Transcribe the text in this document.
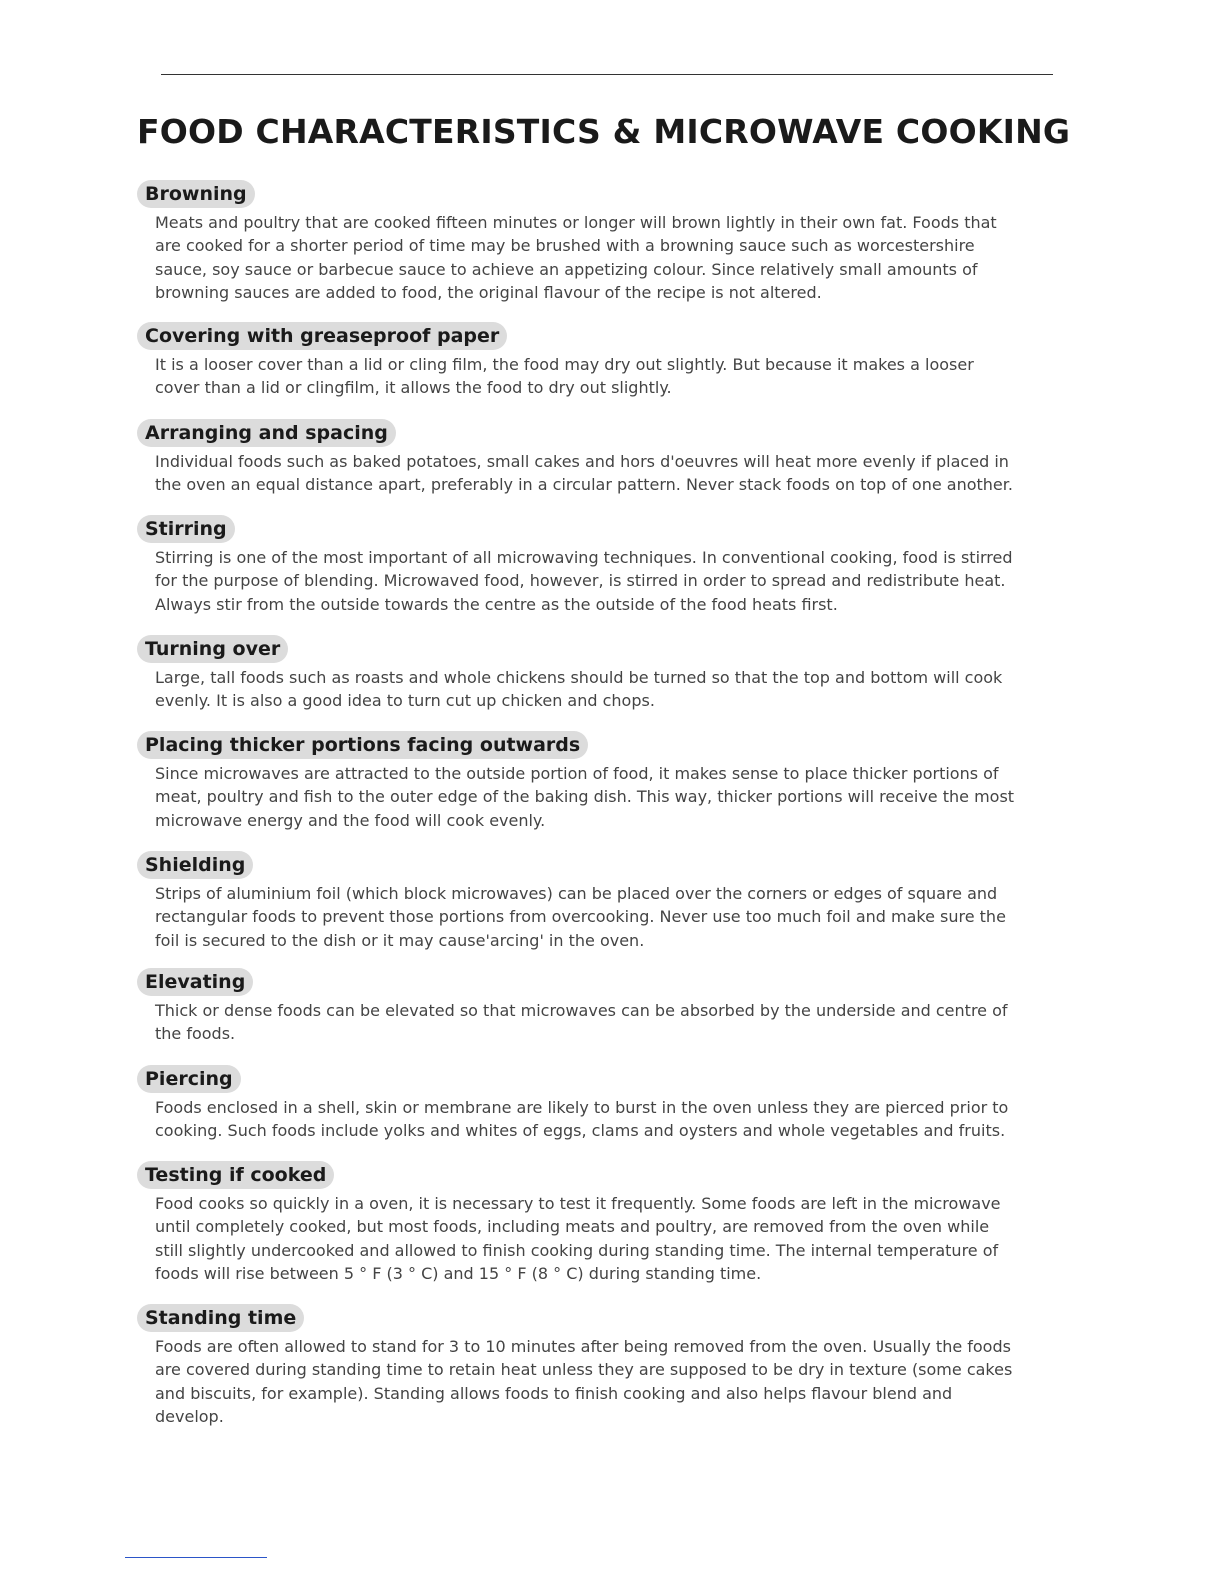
FOOD CHARACTERISTICS & MICROWAVE COOKING
Browning

Meats and poultry that are cooked fifteen minutes or longer will brown lightly in their own fat. Foods that are cooked for a shorter period of time may be brushed with a browning sauce such as worcestershire sauce, soy sauce or barbecue sauce to achieve an appetizing colour. Since relatively small amounts of browning sauces are added to food, the original flavour of the recipe is not altered.

Covering with greaseproof paper

It is a looser cover than a lid or cling film, the food may dry out slightly. But because it makes a looser cover than a lid or clingfilm, it allows the food to dry out slightly.

Arranging and spacing

Individual foods such as baked potatoes, small cakes and hors d'oeuvres will heat more evenly if placed in the oven an equal distance apart, preferably in a circular pattern. Never stack foods on top of one another.

Stirring

Stirring is one of the most important of all microwaving techniques. In conventional cooking, food is stirred for the purpose of blending. Microwaved food, however, is stirred in order to spread and redistribute heat. Always stir from the outside towards the centre as the outside of the food heats first.

Turning over

Large, tall foods such as roasts and whole chickens should be turned so that the top and bottom will cook evenly. It is also a good idea to turn cut up chicken and chops.

Placing thicker portions facing outwards

Since microwaves are attracted to the outside portion of food, it makes sense to place thicker portions of meat, poultry and fish to the outer edge of the baking dish. This way, thicker portions will receive the most microwave energy and the food will cook evenly.

Shielding

Strips of aluminium foil (which block microwaves) can be placed over the corners or edges of square and rectangular foods to prevent those portions from overcooking. Never use too much foil and make sure the foil is secured to the dish or it may cause'arcing' in the oven.

Elevating

Thick or dense foods can be elevated so that microwaves can be absorbed by the underside and centre of the foods.

Piercing

Foods enclosed in a shell, skin or membrane are likely to burst in the oven unless they are pierced prior to cooking. Such foods include yolks and whites of eggs, clams and oysters and whole vegetables and fruits.

Testing if cooked

Food cooks so quickly in a oven, it is necessary to test it frequently. Some foods are left in the microwave until completely cooked, but most foods, including meats and poultry, are removed from the oven while still slightly undercooked and allowed to finish cooking during standing time. The internal temperature of foods will rise between 5 ° F (3 ° C) and 15 ° F (8 ° C) during standing time.

Standing time

Foods are often allowed to stand for 3 to 10 minutes after being removed from the oven. Usually the foods are covered during standing time to retain heat unless they are supposed to be dry in texture (some cakes and biscuits, for example). Standing allows foods to finish cooking and also helps flavour blend and develop.
